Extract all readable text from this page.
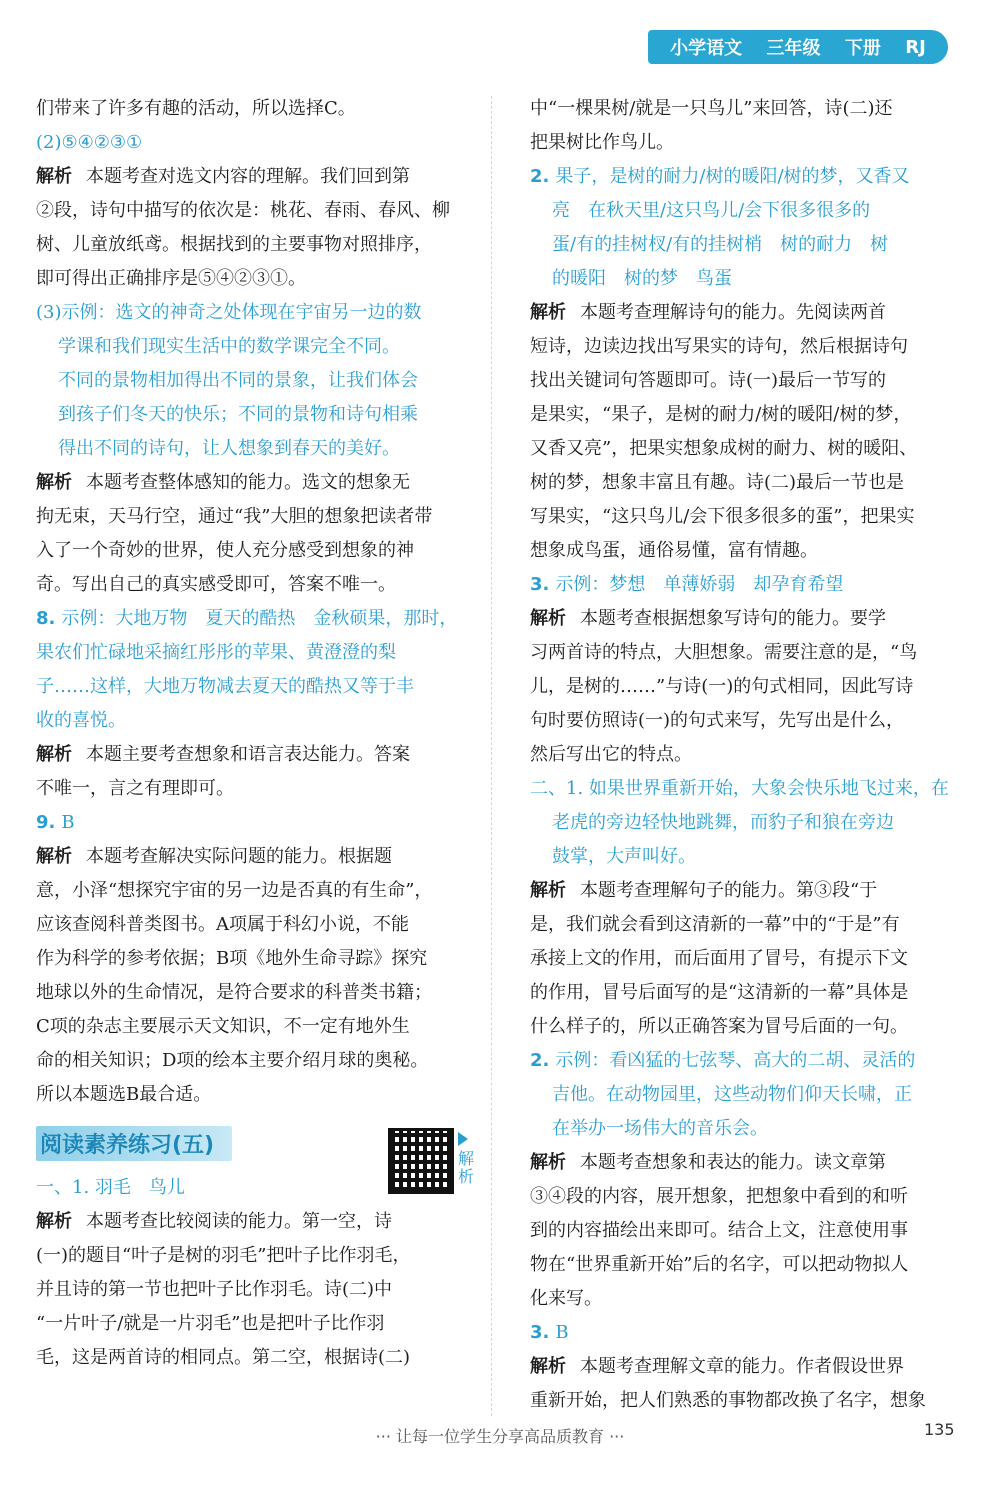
小学语文 三年级 下册 RJ
们带来了许多有趣的活动，所以选择C。
(2)⑤④②③①
解析 本题考查对选文内容的理解。我们回到第
②段，诗句中描写的依次是：桃花、春雨、春风、柳
树、儿童放纸鸢。根据找到的主要事物对照排序，
即可得出正确排序是⑤④②③①。
(3)示例：选文的神奇之处体现在宇宙另一边的数
学课和我们现实生活中的数学课完全不同。
不同的景物相加得出不同的景象，让我们体会
到孩子们冬天的快乐；不同的景物和诗句相乘
得出不同的诗句，让人想象到春天的美好。
解析 本题考查整体感知的能力。选文的想象无
拘无束，天马行空，通过“我”大胆的想象把读者带
入了一个奇妙的世界，使人充分感受到想象的神
奇。写出自己的真实感受即可，答案不唯一。
8. 示例：大地万物　夏天的酷热　金秋硕果，那时，
果农们忙碌地采摘红彤彤的苹果、黄澄澄的梨
子……这样，大地万物减去夏天的酷热又等于丰
收的喜悦。
解析 本题主要考查想象和语言表达能力。答案
不唯一，言之有理即可。
9. B
解析 本题考查解决实际问题的能力。根据题
意，小泽“想探究宇宙的另一边是否真的有生命”，
应该查阅科普类图书。A项属于科幻小说，不能
作为科学的参考依据；B项《地外生命寻踪》探究
地球以外的生命情况，是符合要求的科普类书籍；
C项的杂志主要展示天文知识，不一定有地外生
命的相关知识；D项的绘本主要介绍月球的奥秘。
所以本题选B最合适。
阅读素养练习(五)
一、1. 羽毛　鸟儿
解析 本题考查比较阅读的能力。第一空，诗
(一)的题目“叶子是树的羽毛”把叶子比作羽毛，
并且诗的第一节也把叶子比作羽毛。诗(二)中
“一片叶子/就是一片羽毛”也是把叶子比作羽
毛，这是两首诗的相同点。第二空，根据诗(二)
解析
中“一棵果树/就是一只鸟儿”来回答，诗(二)还
把果树比作鸟儿。
2. 果子，是树的耐力/树的暖阳/树的梦，又香又
亮　在秋天里/这只鸟儿/会下很多很多的
蛋/有的挂树杈/有的挂树梢　树的耐力　树
的暖阳　树的梦　鸟蛋
解析 本题考查理解诗句的能力。先阅读两首
短诗，边读边找出写果实的诗句，然后根据诗句
找出关键词句答题即可。诗(一)最后一节写的
是果实，“果子，是树的耐力/树的暖阳/树的梦，
又香又亮”，把果实想象成树的耐力、树的暖阳、
树的梦，想象丰富且有趣。诗(二)最后一节也是
写果实，“这只鸟儿/会下很多很多的蛋”，把果实
想象成鸟蛋，通俗易懂，富有情趣。
3. 示例：梦想　单薄娇弱　却孕育希望
解析 本题考查根据想象写诗句的能力。要学
习两首诗的特点，大胆想象。需要注意的是，“鸟
儿，是树的……”与诗(一)的句式相同，因此写诗
句时要仿照诗(一)的句式来写，先写出是什么，
然后写出它的特点。
二、1. 如果世界重新开始，大象会快乐地飞过来，在
老虎的旁边轻快地跳舞，而豹子和狼在旁边
鼓掌，大声叫好。
解析 本题考查理解句子的能力。第③段“于
是，我们就会看到这清新的一幕”中的“于是”有
承接上文的作用，而后面用了冒号，有提示下文
的作用，冒号后面写的是“这清新的一幕”具体是
什么样子的，所以正确答案为冒号后面的一句。
2. 示例：看凶猛的七弦琴、高大的二胡、灵活的
吉他。在动物园里，这些动物们仰天长啸，正
在举办一场伟大的音乐会。
解析 本题考查想象和表达的能力。读文章第
③④段的内容，展开想象，把想象中看到的和听
到的内容描绘出来即可。结合上文，注意使用事
物在“世界重新开始”后的名字，可以把动物拟人
化来写。
3. B
解析 本题考查理解文章的能力。作者假设世界
重新开始，把人们熟悉的事物都改换了名字，想象
··· 让每一位学生分享高品质教育 ···	135
